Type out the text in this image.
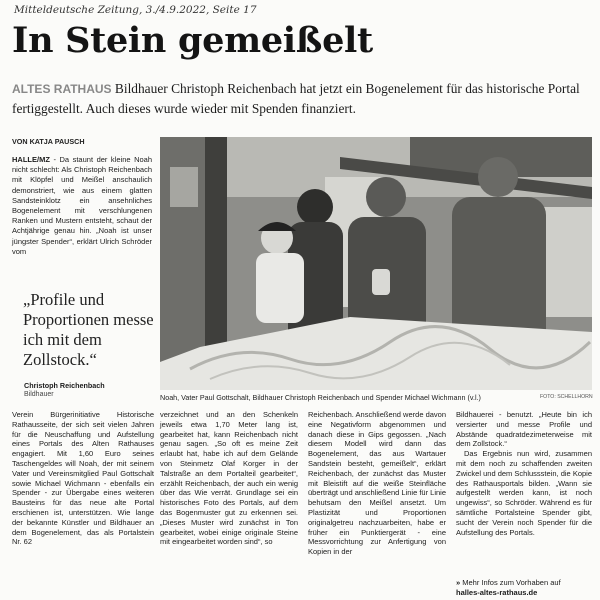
Mitteldeutsche Zeitung, 3./4.9.2022, Seite 17
In Stein gemeißelt

ALTES RATHAUS Bildhauer Christoph Reichenbach hat jetzt ein Bogenelement für das historische Portal fertiggestellt. Auch dieses wurde wieder mit Spenden finanziert.

VON KATJA PAUSCH

HALLE/MZ - Da staunt der kleine Noah nicht schlecht: Als Christoph Reichenbach mit Klöpfel und Meißel anschaulich demonstriert, wie aus einem glatten Sandsteinklotz ein ansehnliches Bogenelement mit verschlungenen Ranken und Mustern entsteht, schaut der Achtjährige genau hin. „Noah ist unser jüngster Spender“, erklärt Ulrich Schröder vom

„Profile und Proportionen messe ich mit dem Zollstock.“

Christoph Reichenbach
Bildhauer	Noah, Vater Paul Gottschalt, Bildhauer Christoph Reichenbach und Spender Michael Wichmann (v.l.)	FOTO: SCHELLHORN

Verein Bürgerinitiative Historische Rathausseite, der sich seit vielen Jahren für die Neuschaffung und Aufstellung eines Portals des Alten Rathauses engagiert. Mit 1,60 Euro seines Taschengeldes will Noah, der mit seinem Vater und Vereinsmitglied Paul Gottschalt sowie Michael Wichmann - ebenfalls ein Spender - zur Übergabe eines weiteren Bausteins für das neue alte Portal erschienen ist, unterstützen. Wie lange der bekannte Künstler und Bildhauer an dem Bogenelement, das als Portalstein Nr. 62

verzeichnet und an den Schenkeln jeweils etwa 1,70 Meter lang ist, gearbeitet hat, kann Reichenbach nicht genau sagen. „So oft es meine Zeit erlaubt hat, habe ich auf dem Gelände von Steinmetz Olaf Korger in der Talstraße an dem Portalteil gearbeitet“, erzählt Reichenbach, der auch ein wenig über das Wie verrät. Grundlage sei ein historisches Foto des Portals, auf dem das Bogenmuster gut zu erkennen sei. „Dieses Muster wird zunächst in Ton gearbeitet, wobei einige originale Steine mit eingearbeitet worden sind“, so

Reichenbach. Anschließend werde davon eine Negativform abgenommen und danach diese in Gips gegossen. „Nach diesem Modell wird dann das Bogenelement, das aus Wartauer Sandstein besteht, gemeißelt“, erklärt Reichenbach, der zunächst das Muster mit Bleistift auf die weiße Steinfläche überträgt und anschließend Linie für Linie behutsam den Meißel ansetzt. Um Plastizität und Proportionen originalgetreu nachzuarbeiten, habe er früher ein Punktiergerät - eine Messvorrichtung zur Anfertigung von Kopien in der

Bildhauerei - benutzt. „Heute bin ich versierter und messe Profile und Abstände quadratdezimeterweise mit dem Zollstock.“

Das Ergebnis nun wird, zusammen mit dem noch zu schaffenden zweiten Zwickel und dem Schlussstein, die Kopie des Rathausportals bilden. „Wann sie aufgestellt werden kann, ist noch ungewiss“, so Schröder. Während es für sämtliche Portalsteine Spender gibt, sucht der Verein noch Spender für die Aufstellung des Portals.

» Mehr Infos zum Vorhaben auf
halles-altes-rathaus.de
